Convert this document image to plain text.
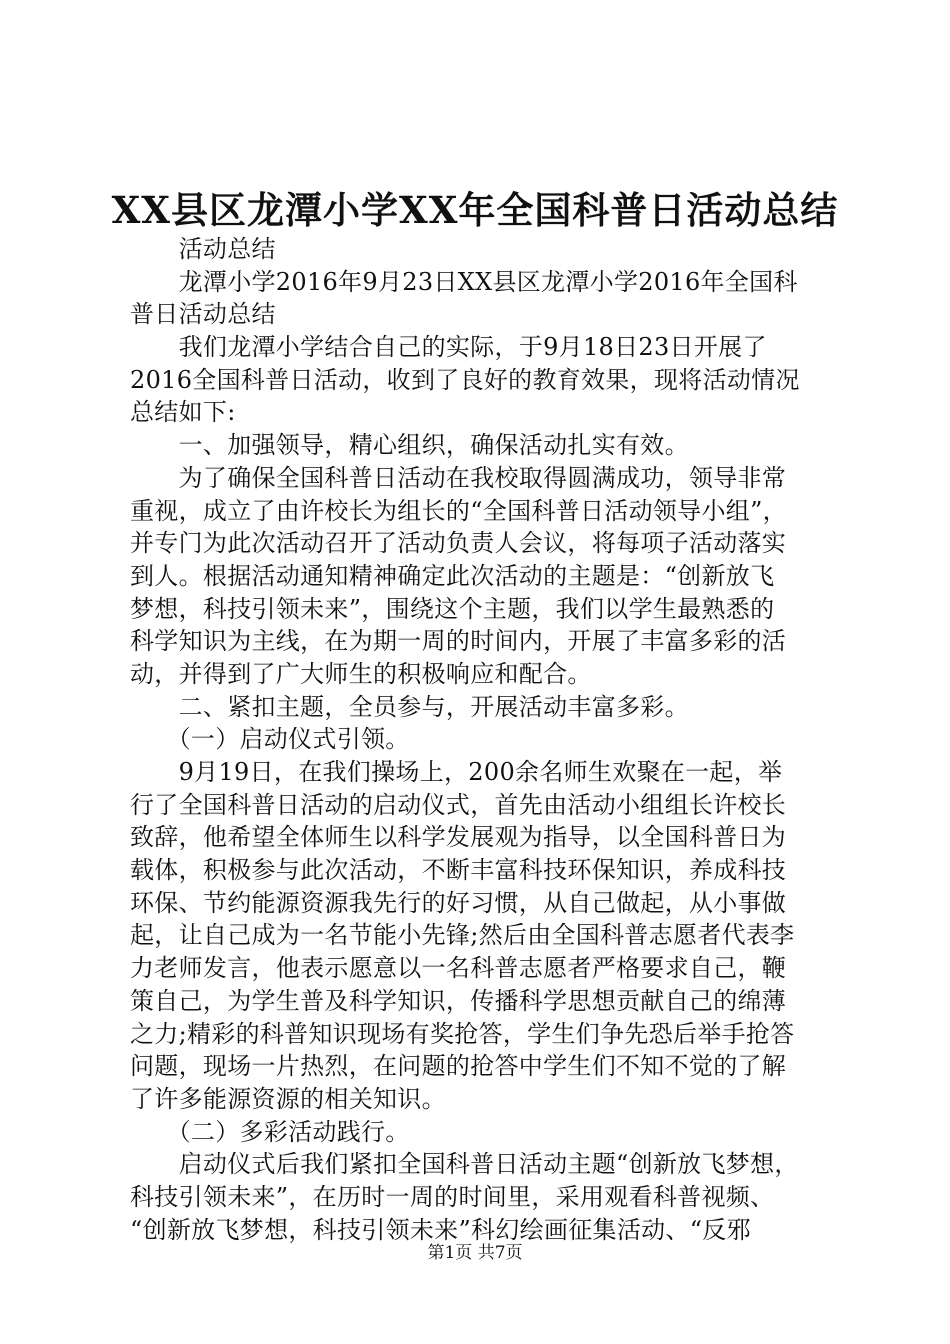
XX县区龙潭小学XX年全国科普日活动总结
　　活动总结
　　龙潭小学2016年9月23日XX县区龙潭小学2016年全国科
普日活动总结
　　我们龙潭小学结合自己的实际，于9月18日23日开展了
2016全国科普日活动，收到了良好的教育效果，现将活动情况
总结如下:
　　一、加强领导，精心组织，确保活动扎实有效。
　　为了确保全国科普日活动在我校取得圆满成功，领导非常
重视，成立了由许校长为组长的“全国科普日活动领导小组”，
并专门为此次活动召开了活动负责人会议，将每项子活动落实
到人。根据活动通知精神确定此次活动的主题是：“创新放飞
梦想，科技引领未来”，围绕这个主题，我们以学生最熟悉的
科学知识为主线，在为期一周的时间内，开展了丰富多彩的活
动，并得到了广大师生的积极响应和配合。
　　二、紧扣主题，全员参与，开展活动丰富多彩。
　　（一）启动仪式引领。
　　9月19日，在我们操场上，200余名师生欢聚在一起，举
行了全国科普日活动的启动仪式，首先由活动小组组长许校长
致辞，他希望全体师生以科学发展观为指导，以全国科普日为
载体，积极参与此次活动，不断丰富科技环保知识，养成科技
环保、节约能源资源我先行的好习惯，从自己做起，从小事做
起，让自己成为一名节能小先锋;然后由全国科普志愿者代表李
力老师发言，他表示愿意以一名科普志愿者严格要求自己，鞭
策自己，为学生普及科学知识，传播科学思想贡献自己的绵薄
之力;精彩的科普知识现场有奖抢答，学生们争先恐后举手抢答
问题，现场一片热烈，在问题的抢答中学生们不知不觉的了解
了许多能源资源的相关知识。
　　（二）多彩活动践行。
　　启动仪式后我们紧扣全国科普日活动主题“创新放飞梦想，
科技引领未来”，在历时一周的时间里，采用观看科普视频、
“创新放飞梦想，科技引领未来”科幻绘画征集活动、“反邪
第1页 共7页
